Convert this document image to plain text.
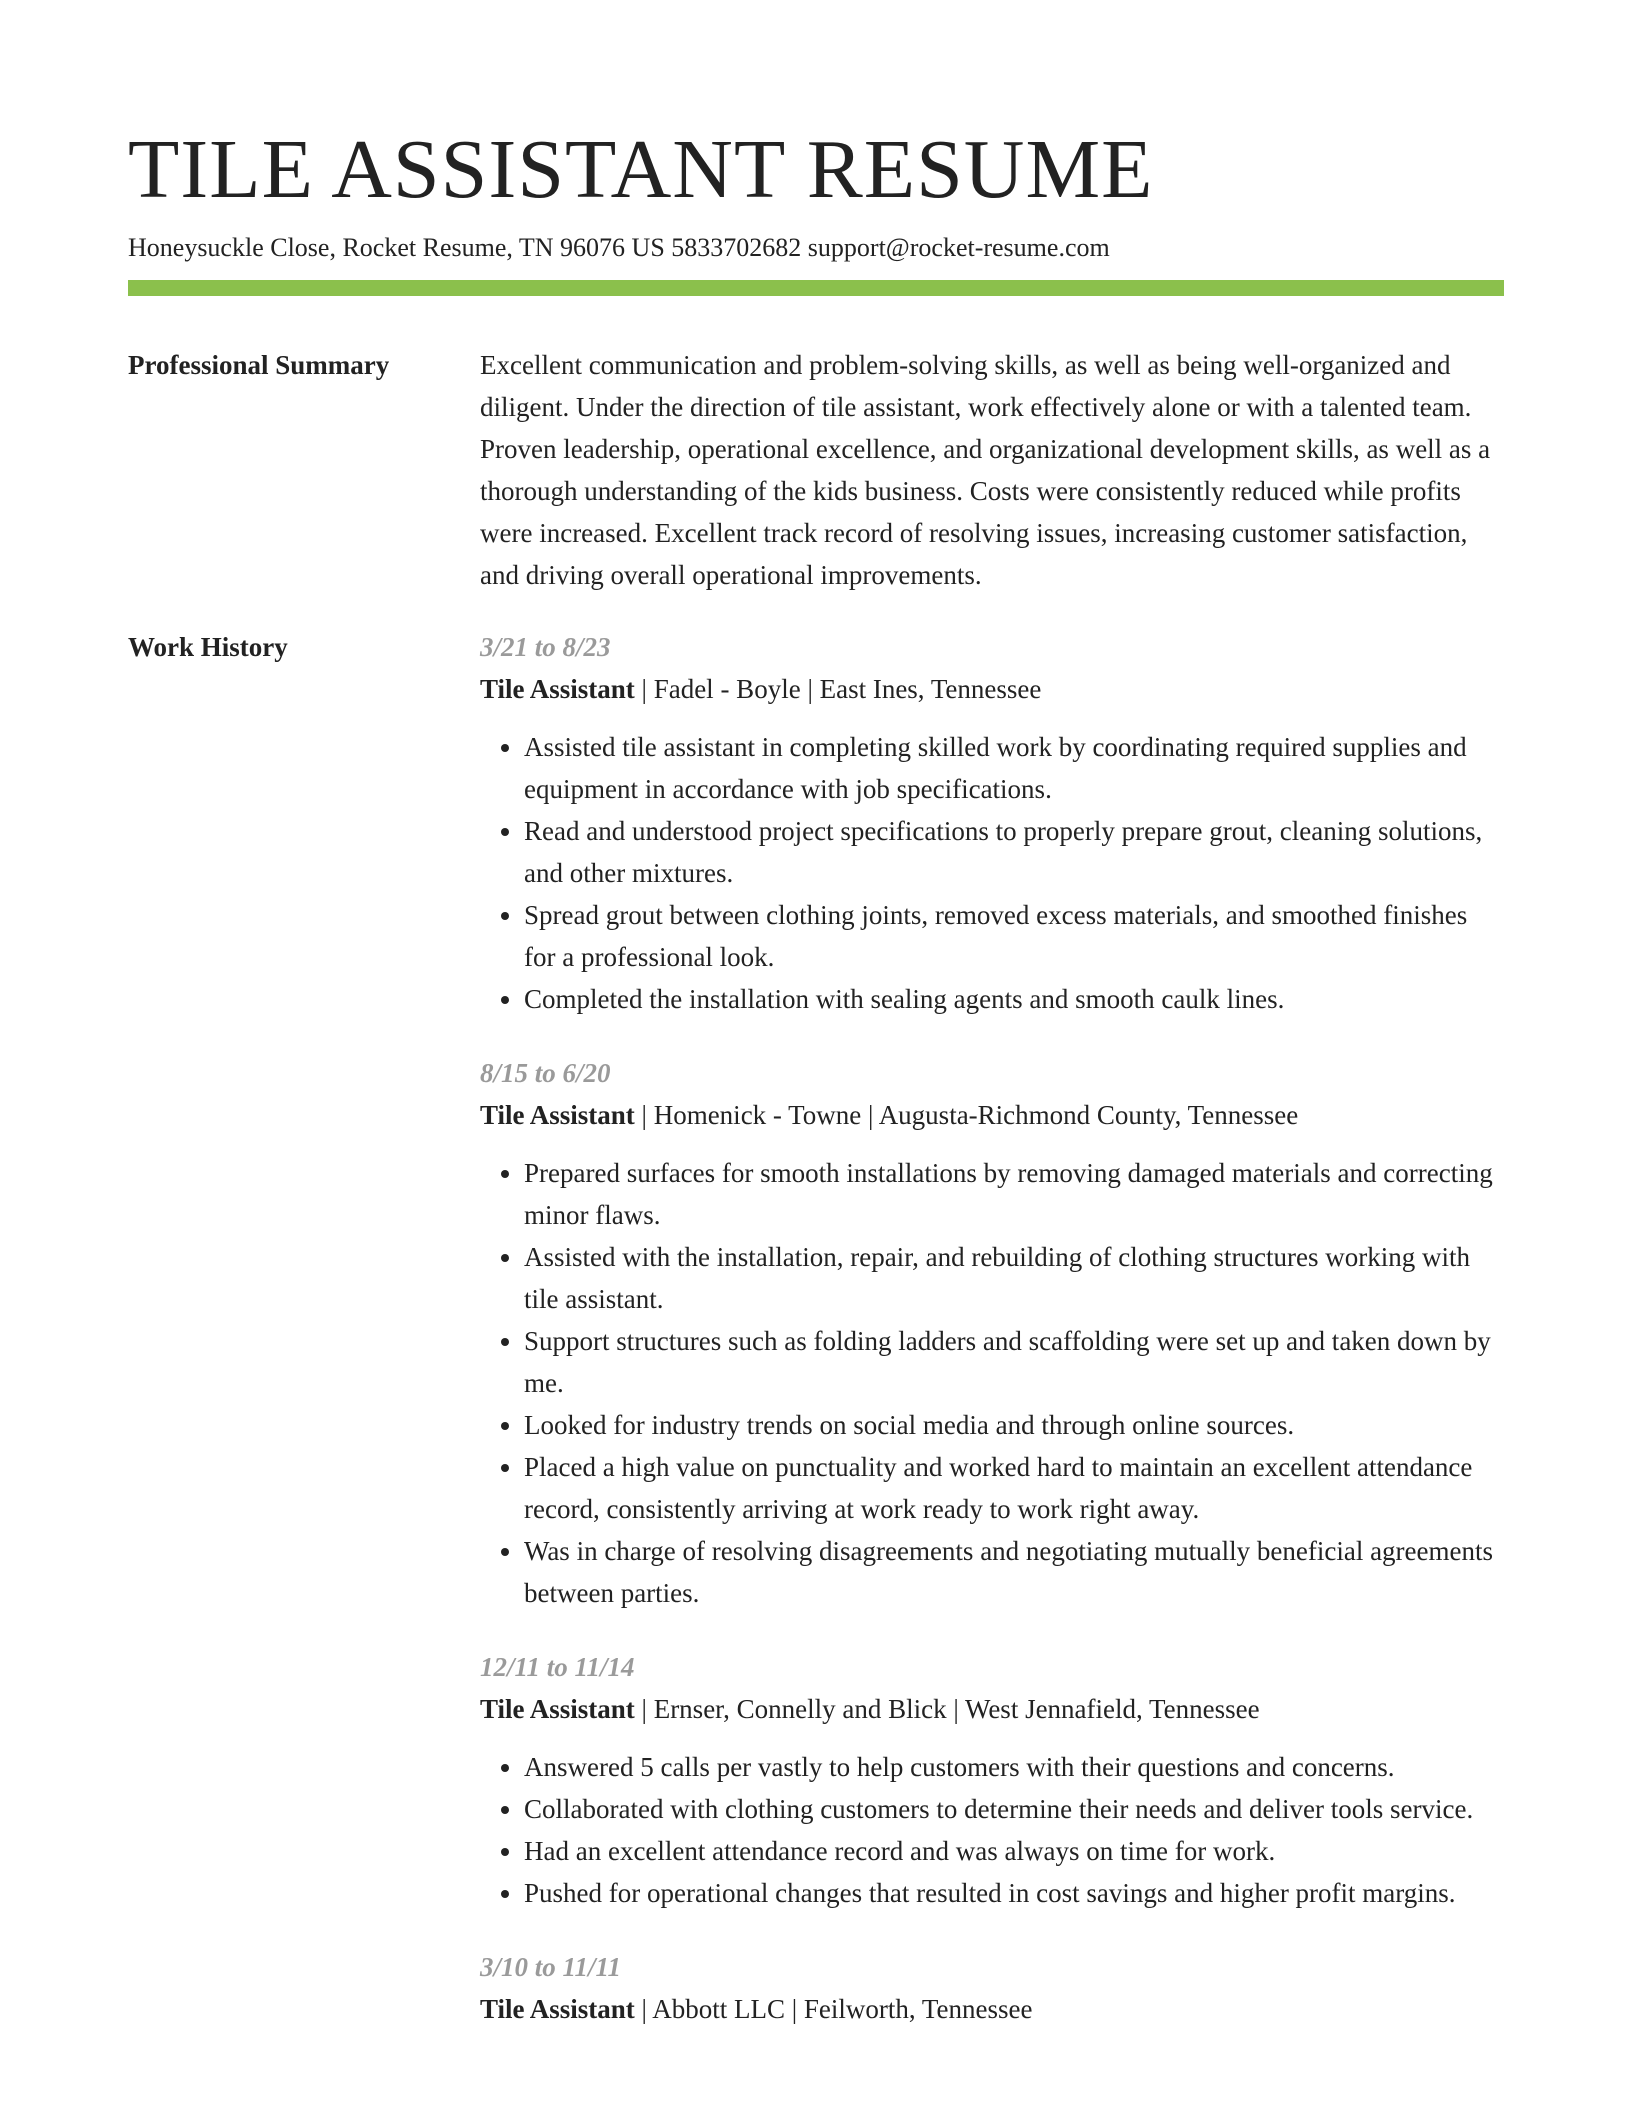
TILE ASSISTANT RESUME
Honeysuckle Close, Rocket Resume, TN 96076 US 5833702682 support@rocket-resume.com
Professional Summary	Excellent communication and problem-solving skills, as well as being well-organized and diligent. Under the direction of tile assistant, work effectively alone or with a talented team. Proven leadership, operational excellence, and organizational development skills, as well as a thorough understanding of the kids business. Costs were consistently reduced while profits were increased. Excellent track record of resolving issues, increasing customer satisfaction, and driving overall operational improvements.

Work History	3/21 to 8/23
Tile Assistant | Fadel - Boyle | East Ines, Tennessee
• Assisted tile assistant in completing skilled work by coordinating required supplies and equipment in accordance with job specifications.
• Read and understood project specifications to properly prepare grout, cleaning solutions, and other mixtures.
• Spread grout between clothing joints, removed excess materials, and smoothed finishes for a professional look.
• Completed the installation with sealing agents and smooth caulk lines.
8/15 to 6/20
Tile Assistant | Homenick - Towne | Augusta-Richmond County, Tennessee
• Prepared surfaces for smooth installations by removing damaged materials and correcting minor flaws.
• Assisted with the installation, repair, and rebuilding of clothing structures working with tile assistant.
• Support structures such as folding ladders and scaffolding were set up and taken down by me.
• Looked for industry trends on social media and through online sources.
• Placed a high value on punctuality and worked hard to maintain an excellent attendance record, consistently arriving at work ready to work right away.
• Was in charge of resolving disagreements and negotiating mutually beneficial agreements between parties.
12/11 to 11/14
Tile Assistant | Ernser, Connelly and Blick | West Jennafield, Tennessee
• Answered 5 calls per vastly to help customers with their questions and concerns.
• Collaborated with clothing customers to determine their needs and deliver tools service.
• Had an excellent attendance record and was always on time for work.
• Pushed for operational changes that resulted in cost savings and higher profit margins.
3/10 to 11/11
Tile Assistant | Abbott LLC | Feilworth, Tennessee
